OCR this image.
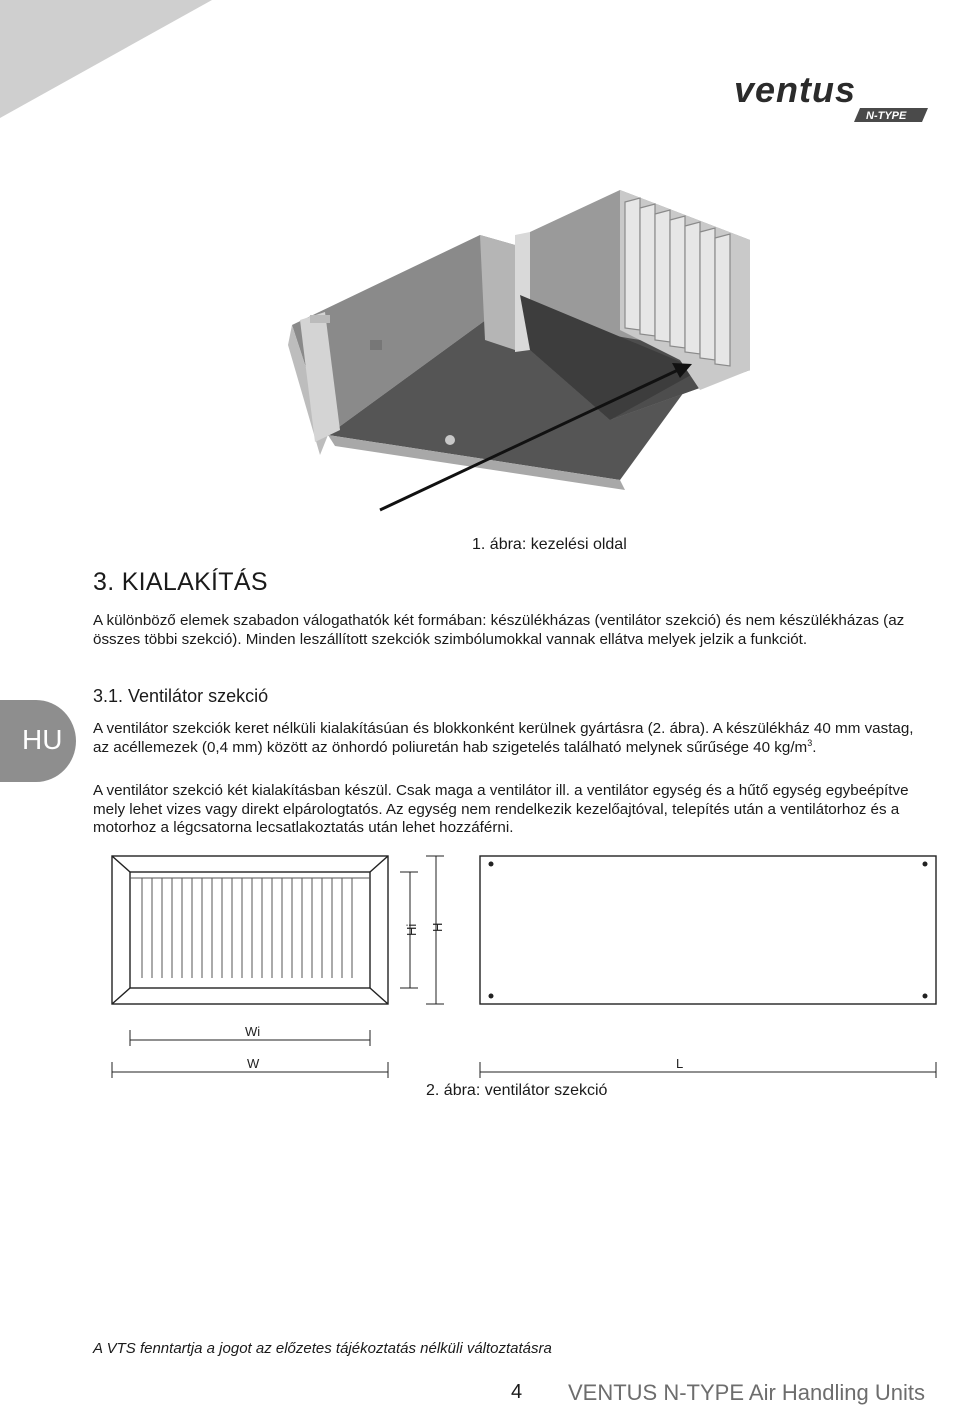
ventus
N-TYPE
1. ábra: kezelési oldal
3. KIALAKÍTÁS

A különböző elemek szabadon válogathatók két formában: készülékházas (ventilátor szekció) és nem készülékházas (az összes többi szekció). Minden leszállított szekciók szimbólumokkal vannak ellátva melyek jelzik a funkciót.

3.1. Ventilátor szekció
HU A ventilátor szekciók keret nélküli kialakításúan és blokkonként kerülnek gyártásra (2. ábra). A készülékház 40 mm vastag, az acéllemezek (0,4 mm) között az önhordó poliuretán hab szigetelés található melynek sűrűsége 40 $kg/m^3$.

A ventilátor szekció két kialakításban készül. Csak maga a ventilátor ill. a ventilátor egység és a hűtő egység egybeépítve mely lehet vizes vagy direkt elpárologtatós. Az egység nem rendelkezik kezelőajtóval, telepítés után a ventilátorhoz és a motorhoz a légcsatorna lecsatlakoztatás után lehet hozzáférni.

Hi H
Wi
W	L
2. ábra: ventilátor szekció
A VTS fenntartja a jogot az előzetes tájékoztatás nélküli változtatásra
4 VENTUS N-TYPE Air Handling Units
